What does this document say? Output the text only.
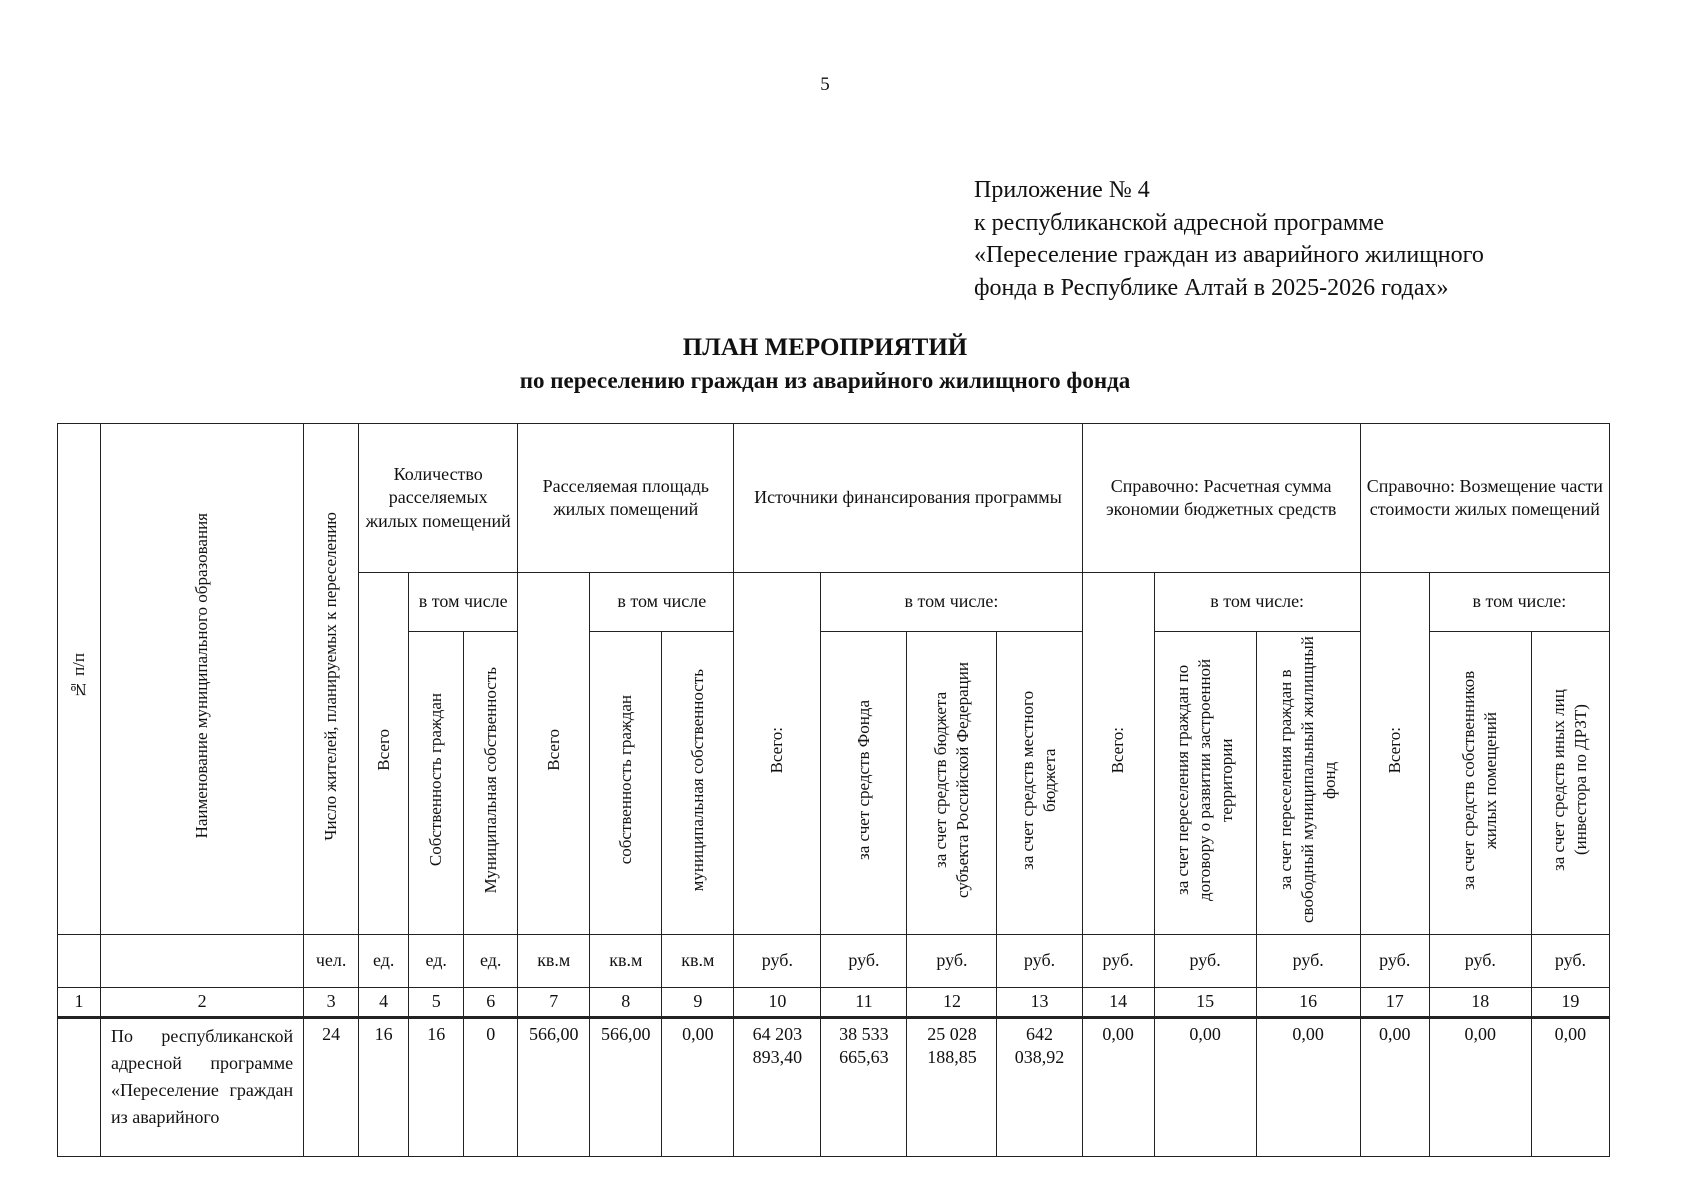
5
Приложение № 4
к республиканской адресной программе
«Переселение граждан из аварийного жилищного
фонда в Республике Алтай в 2025-2026 годах»
ПЛАН МЕРОПРИЯТИЙ
по переселению граждан из аварийного жилищного фонда
№ п/п	Наименование муниципального образования	Число жителей, планируемых к переселению	Количество расселяемых жилых помещений			Расселяемая площадь жилых помещений			Источники финансирования программы				Справочно: Расчетная сумма экономии бюджетных средств			Справочно: Возмещение части стоимости жилых помещений		
			Всего	в том числе		Всего	в том числе		Всего:	в том числе:			Всего:	в том числе:		Всего:	в том числе:	
				Собственность граждан	Муниципальная собственность		собственность граждан	муниципальная собственность		за счет средств Фонда	за счет средств бюджета субъекта Российской Федерации	за счет средств местного бюджета		за счет переселения граждан по договору о развитии застроенной территории	за счет переселения граждан в свободный муниципальный жилищный фонд		за счет средств собственников жилых помещений	за счет средств иных лиц (инвестора по ДРЗТ)
		чел.	ед.	ед.	ед.	кв.м	кв.м	кв.м	руб.	руб.	руб.	руб.	руб.	руб.	руб.	руб.	руб.	руб.
1	2	3	4	5	6	7	8	9	10	11	12	13	14	15	16	17	18	19
	По республиканской адресной программе «Переселение граждан из аварийного	24	16	16	0	566,00	566,00	0,00	64 203 893,40	38 533 665,63	25 028 188,85	642 038,92	0,00	0,00	0,00	0,00	0,00	0,00
